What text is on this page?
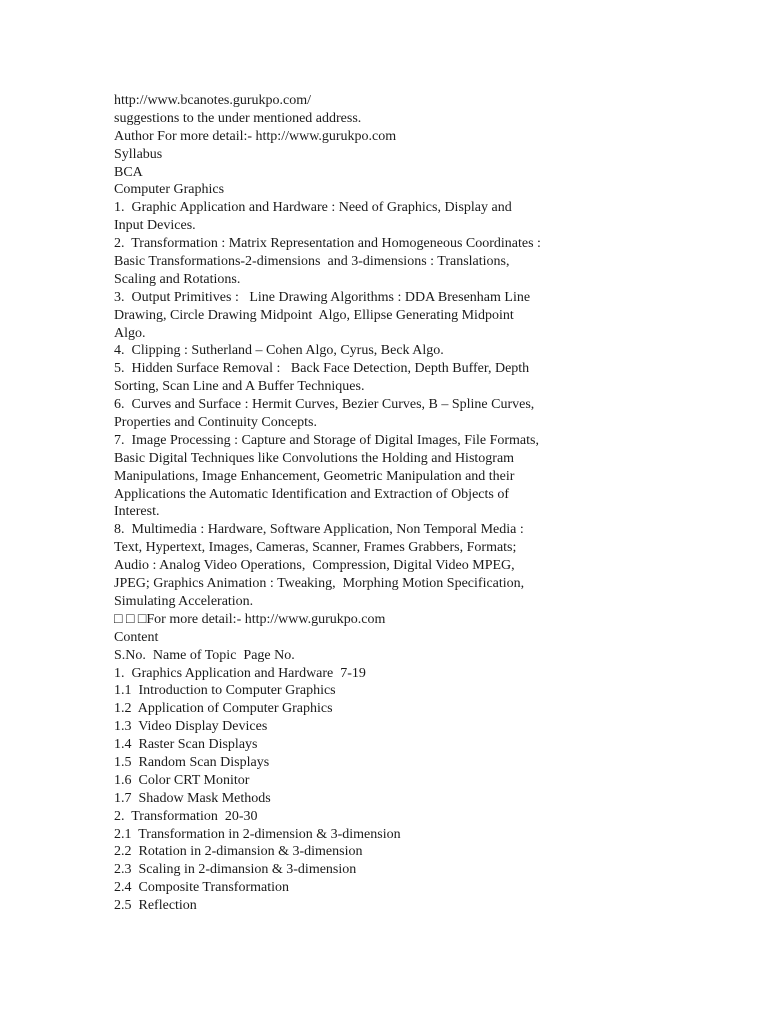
http://www.bcanotes.gurukpo.com/
suggestions to the under mentioned address.
Author For more detail:- http://www.gurukpo.com
Syllabus
BCA
Computer Graphics
1.  Graphic Application and Hardware : Need of Graphics, Display and
Input Devices.
2.  Transformation : Matrix Representation and Homogeneous Coordinates :
Basic Transformations-2-dimensions  and 3-dimensions : Translations,
Scaling and Rotations.
3.  Output Primitives :   Line Drawing Algorithms : DDA Bresenham Line
Drawing, Circle Drawing Midpoint  Algo, Ellipse Generating Midpoint
Algo.
4.  Clipping : Sutherland – Cohen Algo, Cyrus, Beck Algo.
5.  Hidden Surface Removal :   Back Face Detection, Depth Buffer, Depth
Sorting, Scan Line and A Buffer Techniques.
6.  Curves and Surface : Hermit Curves, Bezier Curves, B – Spline Curves,
Properties and Continuity Concepts.
7.  Image Processing : Capture and Storage of Digital Images, File Formats,
Basic Digital Techniques like Convolutions the Holding and Histogram
Manipulations, Image Enhancement, Geometric Manipulation and their
Applications the Automatic Identification and Extraction of Objects of
Interest.
8.  Multimedia : Hardware, Software Application, Non Temporal Media :
Text, Hypertext, Images, Cameras, Scanner, Frames Grabbers, Formats;
Audio : Analog Video Operations,  Compression, Digital Video MPEG,
JPEG; Graphics Animation : Tweaking,  Morphing Motion Specification,
Simulating Acceleration.
□ □ □For more detail:- http://www.gurukpo.com
Content
S.No.  Name of Topic  Page No.
1.  Graphics Application and Hardware  7-19
1.1  Introduction to Computer Graphics
1.2  Application of Computer Graphics
1.3  Video Display Devices
1.4  Raster Scan Displays
1.5  Random Scan Displays
1.6  Color CRT Monitor
1.7  Shadow Mask Methods
2.  Transformation  20-30
2.1  Transformation in 2-dimension & 3-dimension
2.2  Rotation in 2-dimansion & 3-dimension
2.3  Scaling in 2-dimansion & 3-dimension
2.4  Composite Transformation
2.5  Reflection
